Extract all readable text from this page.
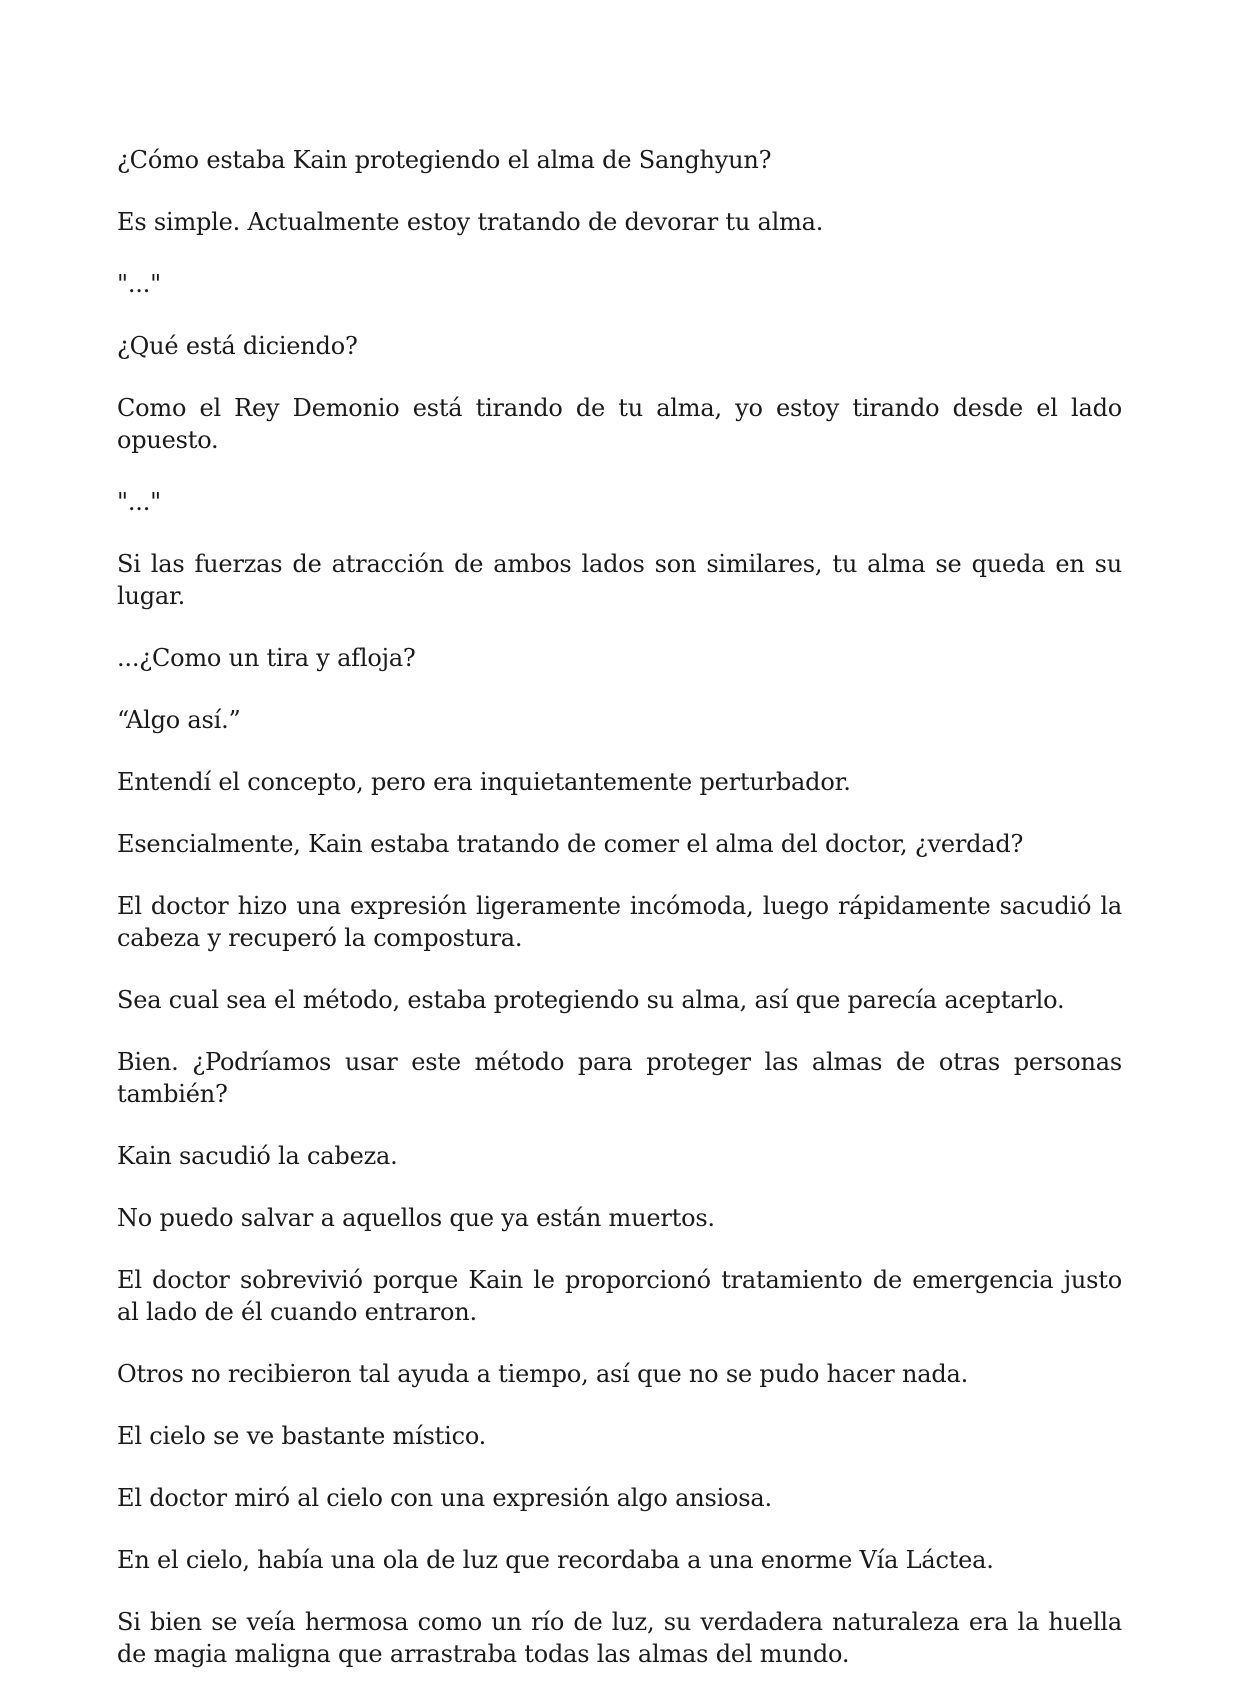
¿Cómo estaba Kain protegiendo el alma de Sanghyun?

Es simple. Actualmente estoy tratando de devorar tu alma.

"..."

¿Qué está diciendo?

Como el Rey Demonio está tirando de tu alma, yo estoy tirando desde el lado opuesto.

"..."

Si las fuerzas de atracción de ambos lados son similares, tu alma se queda en su lugar.

...¿Como un tira y afloja?

“Algo así.”

Entendí el concepto, pero era inquietantemente perturbador.

Esencialmente, Kain estaba tratando de comer el alma del doctor, ¿verdad?

El doctor hizo una expresión ligeramente incómoda, luego rápidamente sacudió la cabeza y recuperó la compostura.

Sea cual sea el método, estaba protegiendo su alma, así que parecía aceptarlo.

Bien. ¿Podríamos usar este método para proteger las almas de otras personas también?

Kain sacudió la cabeza.

No puedo salvar a aquellos que ya están muertos.

El doctor sobrevivió porque Kain le proporcionó tratamiento de emergencia justo al lado de él cuando entraron.

Otros no recibieron tal ayuda a tiempo, así que no se pudo hacer nada.

El cielo se ve bastante místico.

El doctor miró al cielo con una expresión algo ansiosa.

En el cielo, había una ola de luz que recordaba a una enorme Vía Láctea.

Si bien se veía hermosa como un río de luz, su verdadera naturaleza era la huella de magia maligna que arrastraba todas las almas del mundo.
